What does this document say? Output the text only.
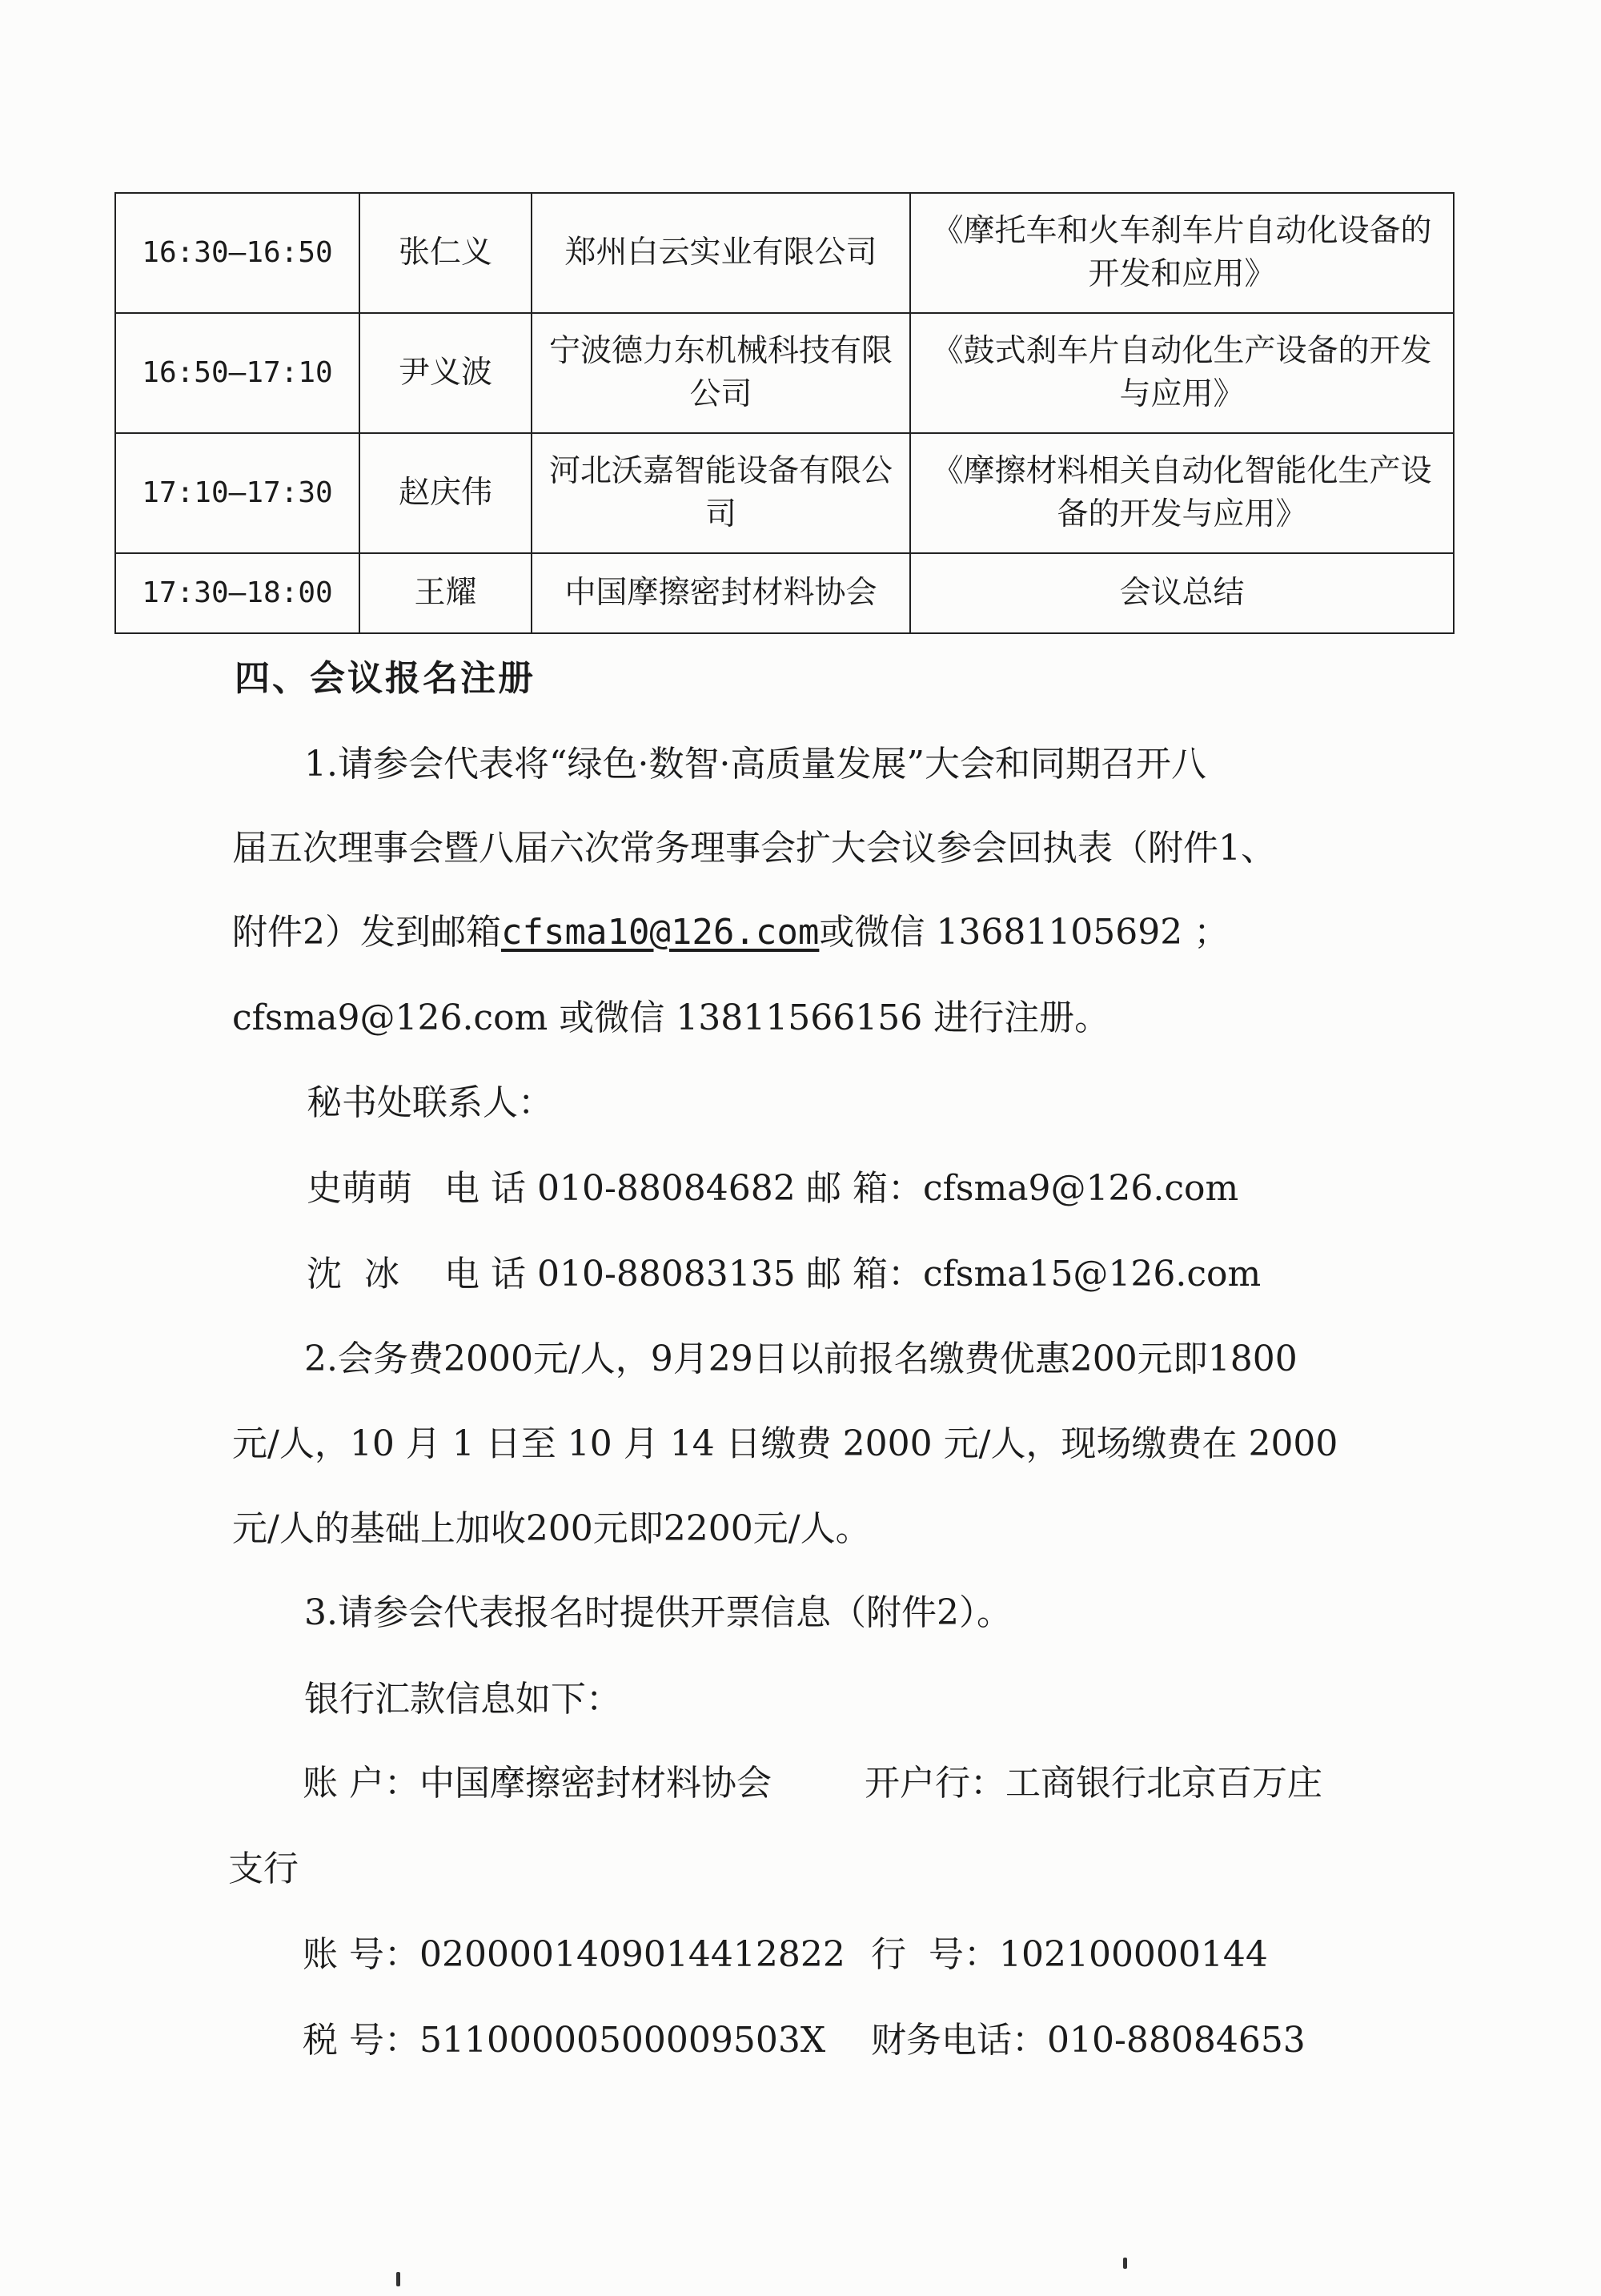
16:30—16:50	张仁义	郑州白云实业有限公司	《摩托车和火车刹车片自动化设备的开发和应用》
16:50—17:10	尹义波	宁波德力东机械科技有限公司	《鼓式刹车片自动化生产设备的开发与应用》
17:10—17:30	赵庆伟	河北沃嘉智能设备有限公司	《摩擦材料相关自动化智能化生产设备的开发与应用》
17:30—18:00	王耀	中国摩擦密封材料协会	会议总结
四、会议报名注册
1.请参会代表将“绿色·数智·高质量发展”大会和同期召开八
届五次理事会暨八届六次常务理事会扩大会议参会回执表（附件1、
附件2）发到邮箱cfsma10@126.com或微信 13681105692 ；
cfsma9@126.com 或微信 13811566156 进行注册。
秘书处联系人：
史萌萌 电 话 010-88084682 邮 箱：cfsma9@126.com
沈  冰 电 话 010-88083135 邮 箱：cfsma15@126.com
2.会务费2000元/人，9月29日以前报名缴费优惠200元即1800
元/人，10 月 1 日至 10 月 14 日缴费 2000 元/人，现场缴费在 2000
元/人的基础上加收200元即2200元/人。
3.请参会代表报名时提供开票信息（附件2）。
银行汇款信息如下：
账 户：中国摩擦密封材料协会	开户行：工商银行北京百万庄
支行
账 号：0200001409014412822 行  号：102100000144
税 号：51100000500009503X 财务电话：010-88084653
